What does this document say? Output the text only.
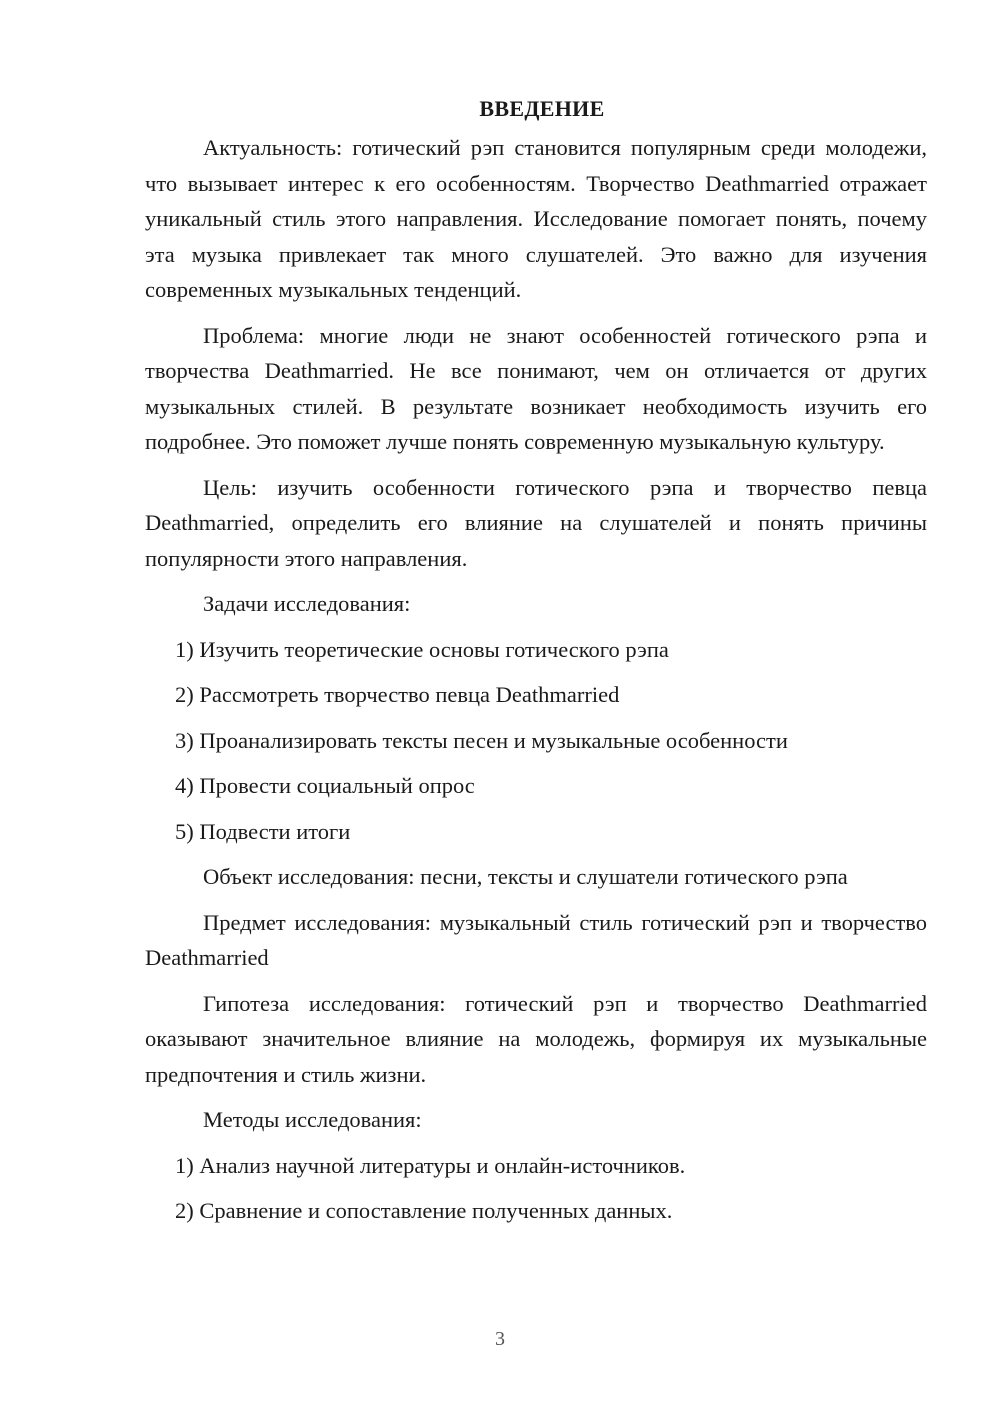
ВВЕДЕНИЕ

Актуальность: готический рэп становится популярным среди молодежи, что вызывает интерес к его особенностям. Творчество Deathmarried отражает уникальный стиль этого направления. Исследование помогает понять, почему эта музыка привлекает так много слушателей. Это важно для изучения современных музыкальных тенденций.

Проблема: многие люди не знают особенностей готического рэпа и творчества Deathmarried. Не все понимают, чем он отличается от других музыкальных стилей. В результате возникает необходимость изучить его подробнее. Это поможет лучше понять современную музыкальную культуру.

Цель: изучить особенности готического рэпа и творчество певца Deathmarried, определить его влияние на слушателей и понять причины популярности этого направления.

Задачи исследования:

1) Изучить теоретические основы готического рэпа
2) Рассмотреть творчество певца Deathmarried
3) Проанализировать тексты песен и музыкальные особенности
4) Провести социальный опрос
5) Подвести итоги

Объект исследования: песни, тексты и слушатели готического рэпа

Предмет исследования: музыкальный стиль готический рэп и творчество Deathmarried

Гипотеза исследования: готический рэп и творчество Deathmarried оказывают значительное влияние на молодежь, формируя их музыкальные предпочтения и стиль жизни.

Методы исследования:

1) Анализ научной литературы и онлайн-источников.
2) Сравнение и сопоставление полученных данных.
3
